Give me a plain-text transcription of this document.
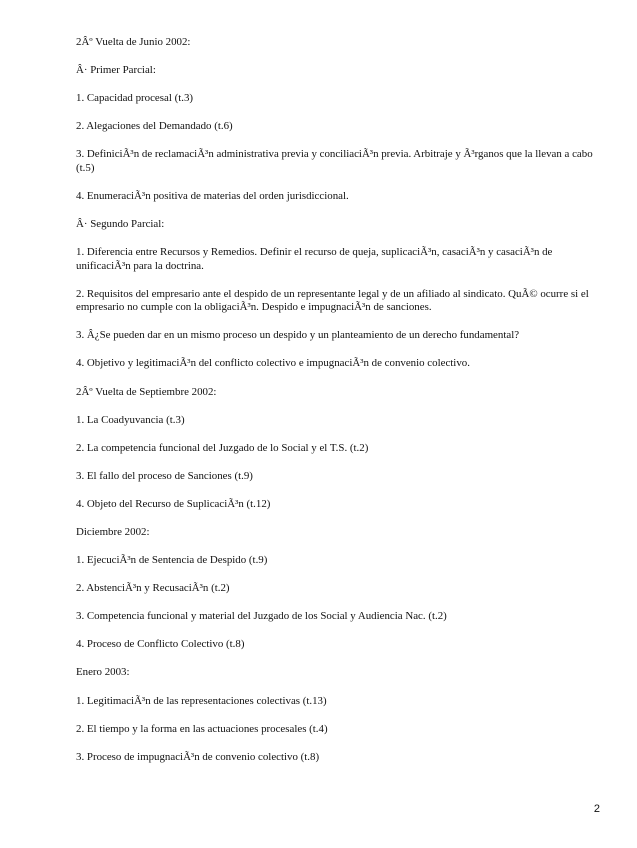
2Âº Vuelta de Junio 2002:

Â· Primer Parcial:

1. Capacidad procesal (t.3)

2. Alegaciones del Demandado (t.6)

3. DefiniciÃ³n de reclamaciÃ³n administrativa previa y conciliaciÃ³n previa. Arbitraje y Ã³rganos que la llevan a cabo (t.5)

4. EnumeraciÃ³n positiva de materias del orden jurisdiccional.

Â· Segundo Parcial:

1. Diferencia entre Recursos y Remedios. Definir el recurso de queja, suplicaciÃ³n, casaciÃ³n y casaciÃ³n de unificaciÃ³n para la doctrina.

2. Requisitos del empresario ante el despido de un representante legal y de un afiliado al sindicato. QuÃ© ocurre si el empresario no cumple con la obligaciÃ³n. Despido e impugnaciÃ³n de sanciones.

3. Â¿Se pueden dar en un mismo proceso un despido y un planteamiento de un derecho fundamental?

4. Objetivo y legitimaciÃ³n del conflicto colectivo e impugnaciÃ³n de convenio colectivo.

2Âº Vuelta de Septiembre 2002:

1. La Coadyuvancia (t.3)

2. La competencia funcional del Juzgado de lo Social y el T.S. (t.2)

3. El fallo del proceso de Sanciones (t.9)

4. Objeto del Recurso de SuplicaciÃ³n (t.12)

Diciembre 2002:

1. EjecuciÃ³n de Sentencia de Despido (t.9)

2. AbstenciÃ³n y RecusaciÃ³n (t.2)

3. Competencia funcional y material del Juzgado de los Social y Audiencia Nac. (t.2)

4. Proceso de Conflicto Colectivo (t.8)

Enero 2003:

1. LegitimaciÃ³n de las representaciones colectivas (t.13)

2. El tiempo y la forma en las actuaciones procesales (t.4)

3. Proceso de impugnaciÃ³n de convenio colectivo (t.8)

2
